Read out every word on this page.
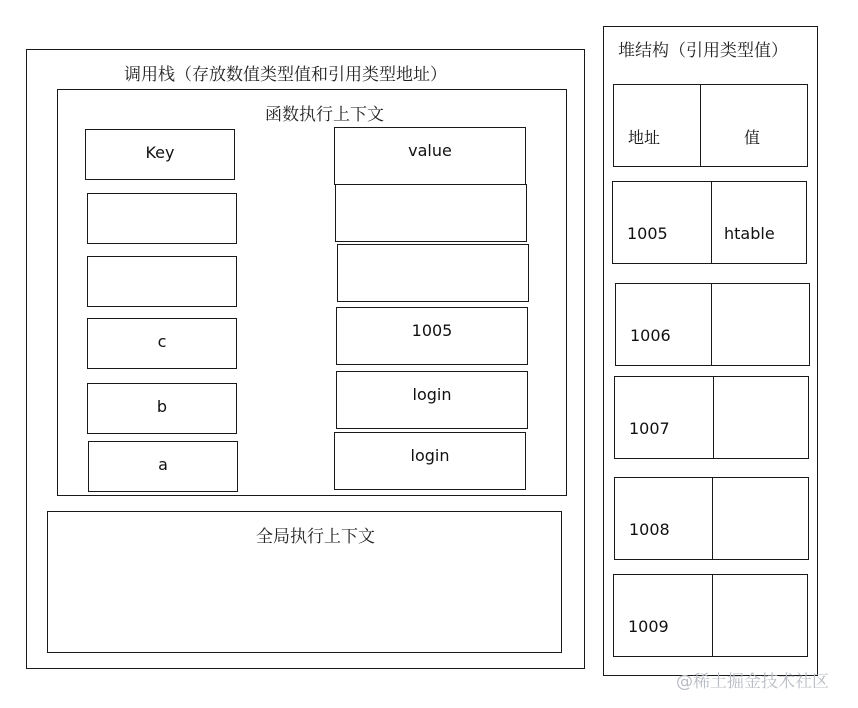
调用栈（存放数值类型值和引用类型地址）
函数执行上下文
Key
c
b
a
value
1005
login
login
全局执行上下文
堆结构（引用类型值）
地址	值
1005	htable
1006
1007
1008
1009
@稀土掘金技术社区
